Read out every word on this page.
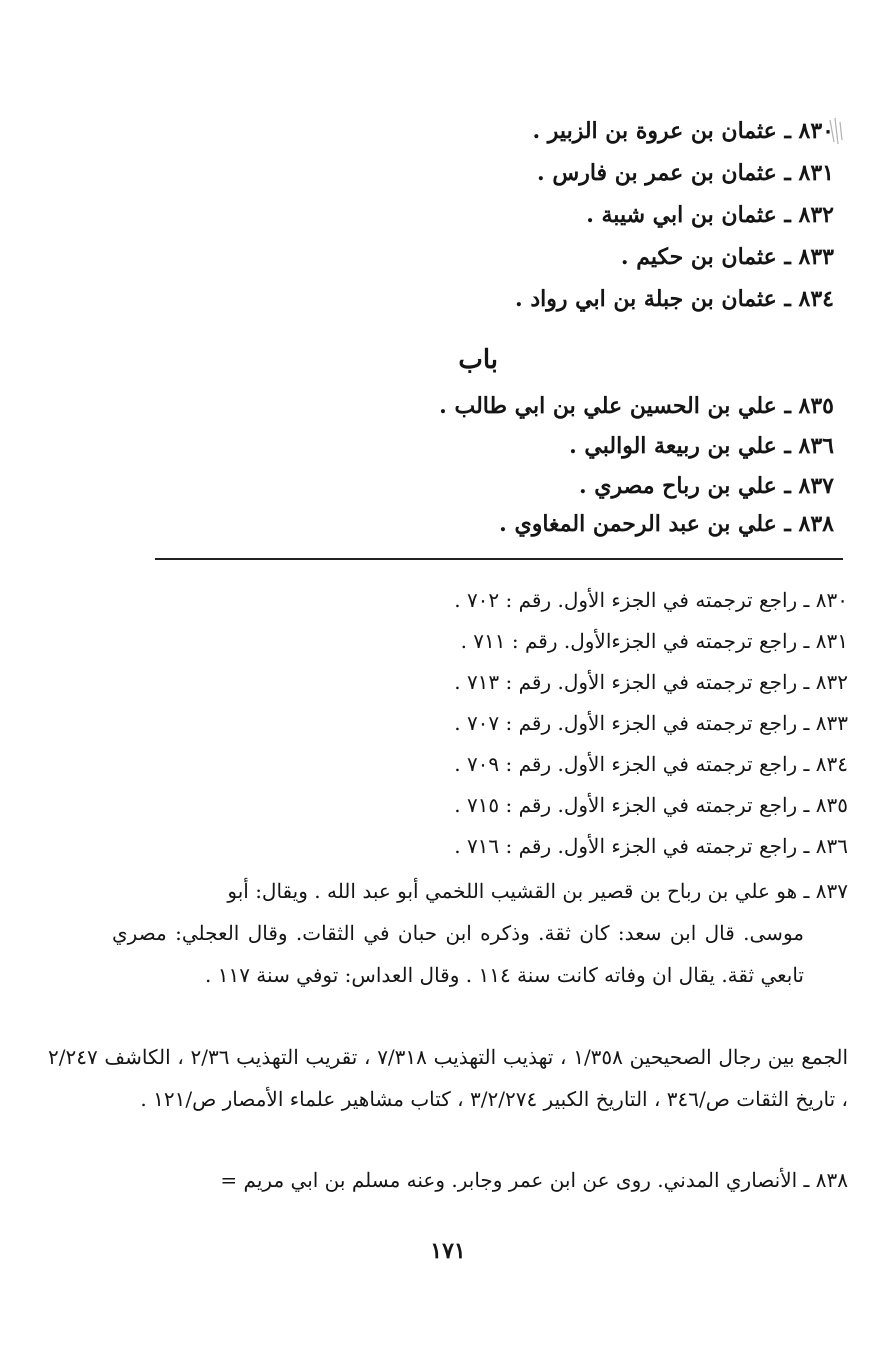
٨٣٠ ـ عثمان بن عروة بن الزبير .
٨٣١ ـ عثمان بن عمر بن فارس .
٨٣٢ ـ عثمان بن ابي شيبة .
٨٣٣ ـ عثمان بن حكيم .
٨٣٤ ـ عثمان بن جبلة بن ابي رواد .
باب
٨٣٥ ـ علي بن الحسين علي بن ابي طالب .
٨٣٦ ـ علي بن ربيعة الوالبي .
٨٣٧ ـ علي بن رباح مصري .
٨٣٨ ـ علي بن عبد الرحمن المغاوي .
٨٣٠ ـ راجع ترجمته في الجزء الأول. رقم : ٧٠٢ .
٨٣١ ـ راجع ترجمته في الجزءالأول. رقم : ٧١١ .
٨٣٢ ـ راجع ترجمته في الجزء الأول. رقم : ٧١٣ .
٨٣٣ ـ راجع ترجمته في الجزء الأول. رقم : ٧٠٧ .
٨٣٤ ـ راجع ترجمته في الجزء الأول. رقم : ٧٠٩ .
٨٣٥ ـ راجع ترجمته في الجزء الأول. رقم : ٧١٥ .
٨٣٦ ـ راجع ترجمته في الجزء الأول. رقم : ٧١٦ .
٨٣٧ ـ هو علي بن رباح بن قصير بن القشيب اللخمي أبو عبد الله . ويقال: أبو
موسى. قال ابن سعد: كان ثقة. وذكره ابن حبان في الثقات. وقال العجلي: مصري تابعي ثقة. يقال ان وفاته كانت سنة ١١٤ . وقال العداس: توفي سنة ١١٧ .
الجمع بين رجال الصحيحين ١/٣٥٨ ، تهذيب التهذيب ٧/٣١٨ ، تقريب التهذيب ٢/٣٦ ، الكاشف ٢/٢٤٧ ، تاريخ الثقات ص/٣٤٦ ، التاريخ الكبير ٣/٢/٢٧٤ ، كتاب مشاهير علماء الأمصار ص/١٢١ .
٨٣٨ ـ الأنصاري المدني. روى عن ابن عمر وجابر. وعنه مسلم بن ابي مريم =
١٧١
